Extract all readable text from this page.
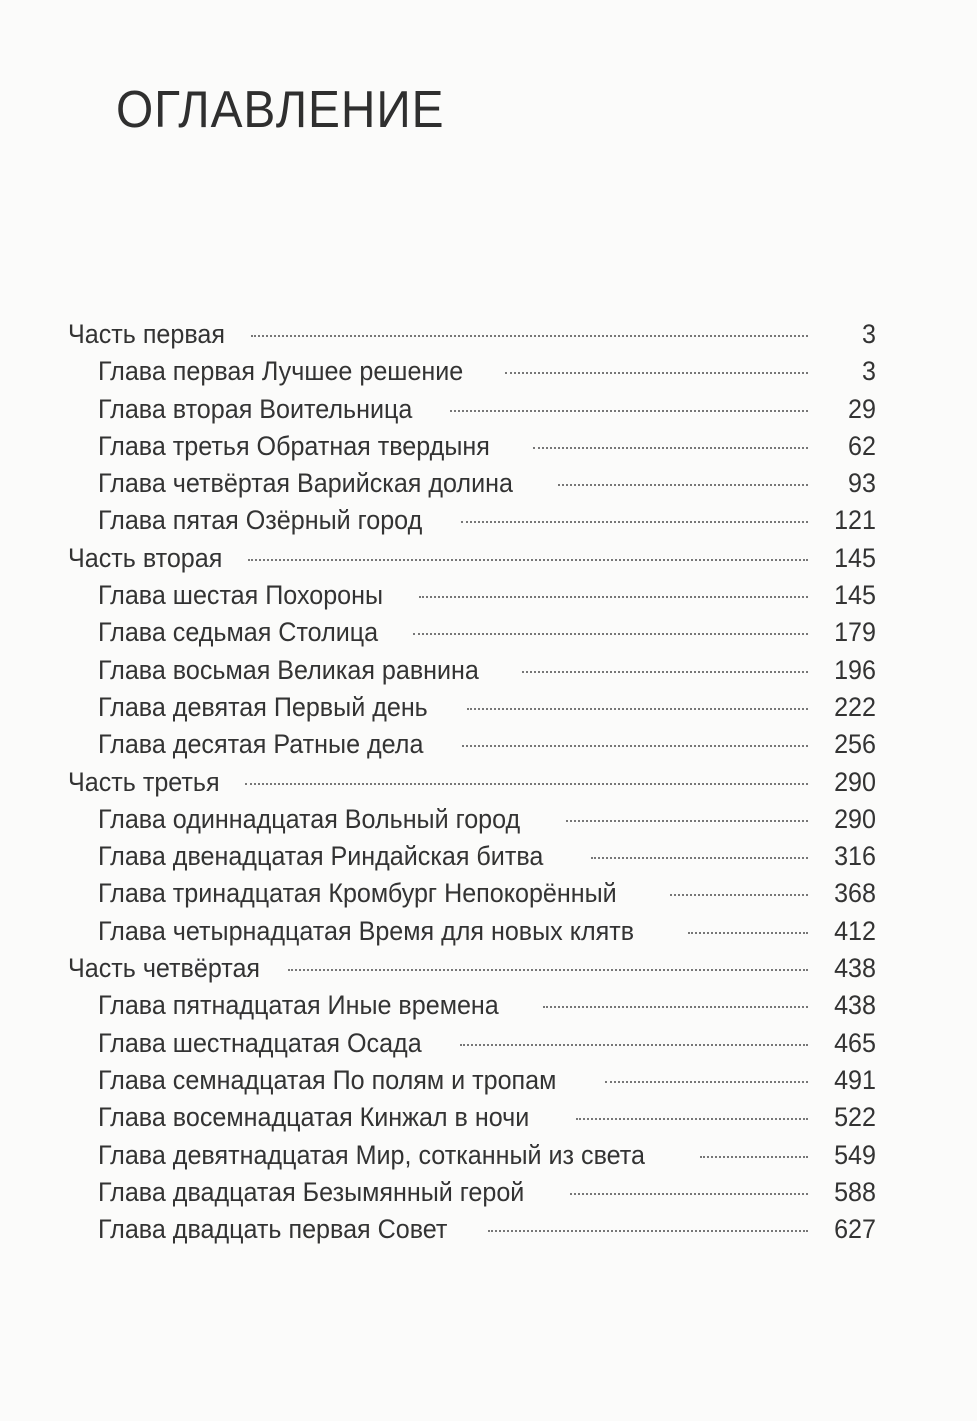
ОГЛАВЛЕНИЕ
Часть первая	3
Глава первая Лучшее решение	3
Глава вторая Воительница	29
Глава третья Обратная твердыня	62
Глава четвёртая Варийская долина	93
Глава пятая Озёрный город	121
Часть вторая	145
Глава шестая Похороны	145
Глава седьмая Столица	179
Глава восьмая Великая равнина	196
Глава девятая Первый день	222
Глава десятая Ратные дела	256
Часть третья	290
Глава одиннадцатая Вольный город	290
Глава двенадцатая Риндайская битва	316
Глава тринадцатая Кромбург Непокорённый	368
Глава четырнадцатая Время для новых клятв	412
Часть четвёртая	438
Глава пятнадцатая Иные времена	438
Глава шестнадцатая Осада	465
Глава семнадцатая По полям и тропам	491
Глава восемнадцатая Кинжал в ночи	522
Глава девятнадцатая Мир, сотканный из света	549
Глава двадцатая Безымянный герой	588
Глава двадцать первая Совет	627
